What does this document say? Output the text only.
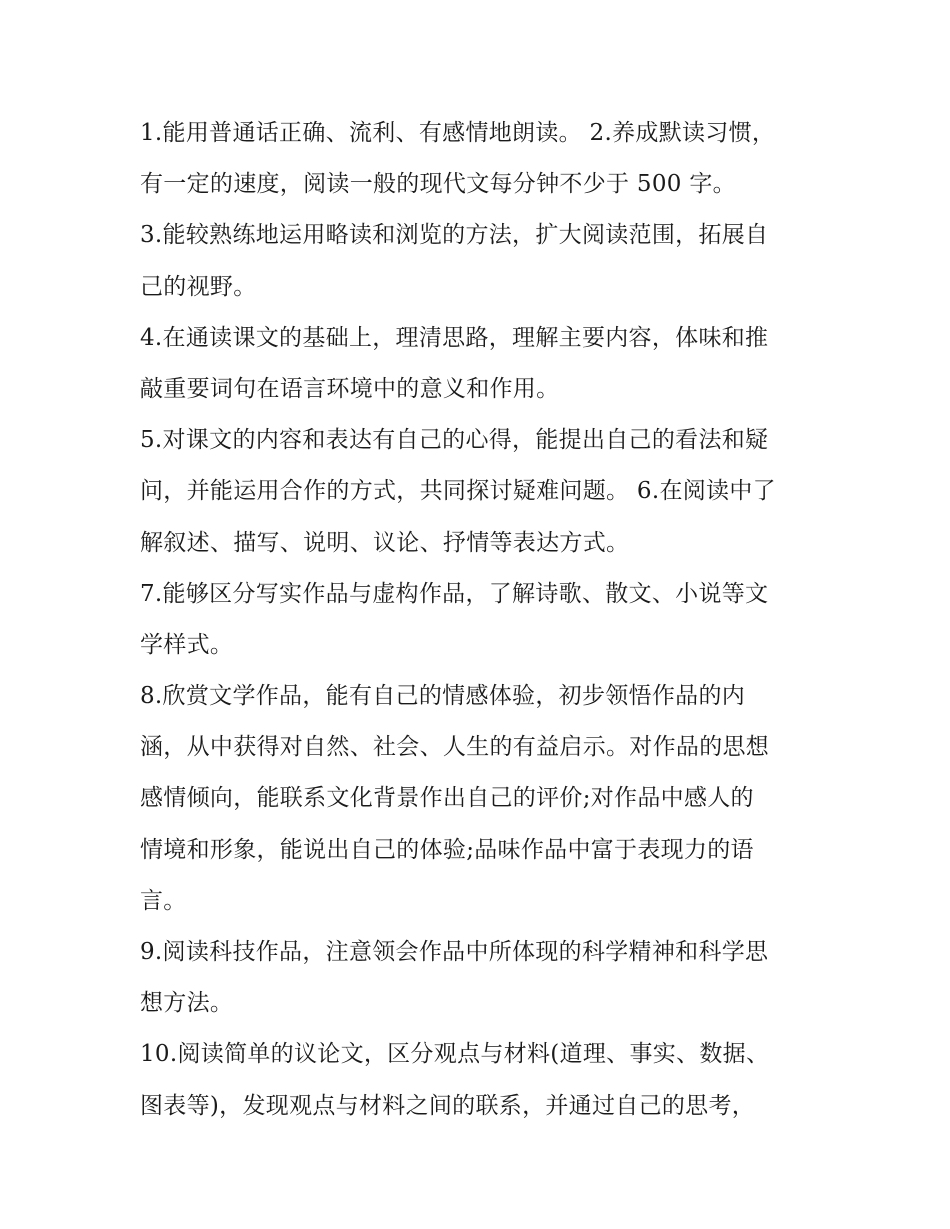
1.能用普通话正确、流利、有感情地朗读。 2.养成默读习惯，
有一定的速度，阅读一般的现代文每分钟不少于 500 字。
3.能较熟练地运用略读和浏览的方法，扩大阅读范围，拓展自
己的视野。
4.在通读课文的基础上，理清思路，理解主要内容，体味和推
敲重要词句在语言环境中的意义和作用。
5.对课文的内容和表达有自己的心得，能提出自己的看法和疑
问，并能运用合作的方式，共同探讨疑难问题。 6.在阅读中了
解叙述、描写、说明、议论、抒情等表达方式。
7.能够区分写实作品与虚构作品，了解诗歌、散文、小说等文
学样式。
8.欣赏文学作品，能有自己的情感体验，初步领悟作品的内
涵，从中获得对自然、社会、人生的有益启示。对作品的思想
感情倾向，能联系文化背景作出自己的评价;对作品中感人的
情境和形象，能说出自己的体验;品味作品中富于表现力的语
言。
9.阅读科技作品，注意领会作品中所体现的科学精神和科学思
想方法。
10.阅读简单的议论文，区分观点与材料(道理、事实、数据、
图表等)，发现观点与材料之间的联系，并通过自己的思考，
